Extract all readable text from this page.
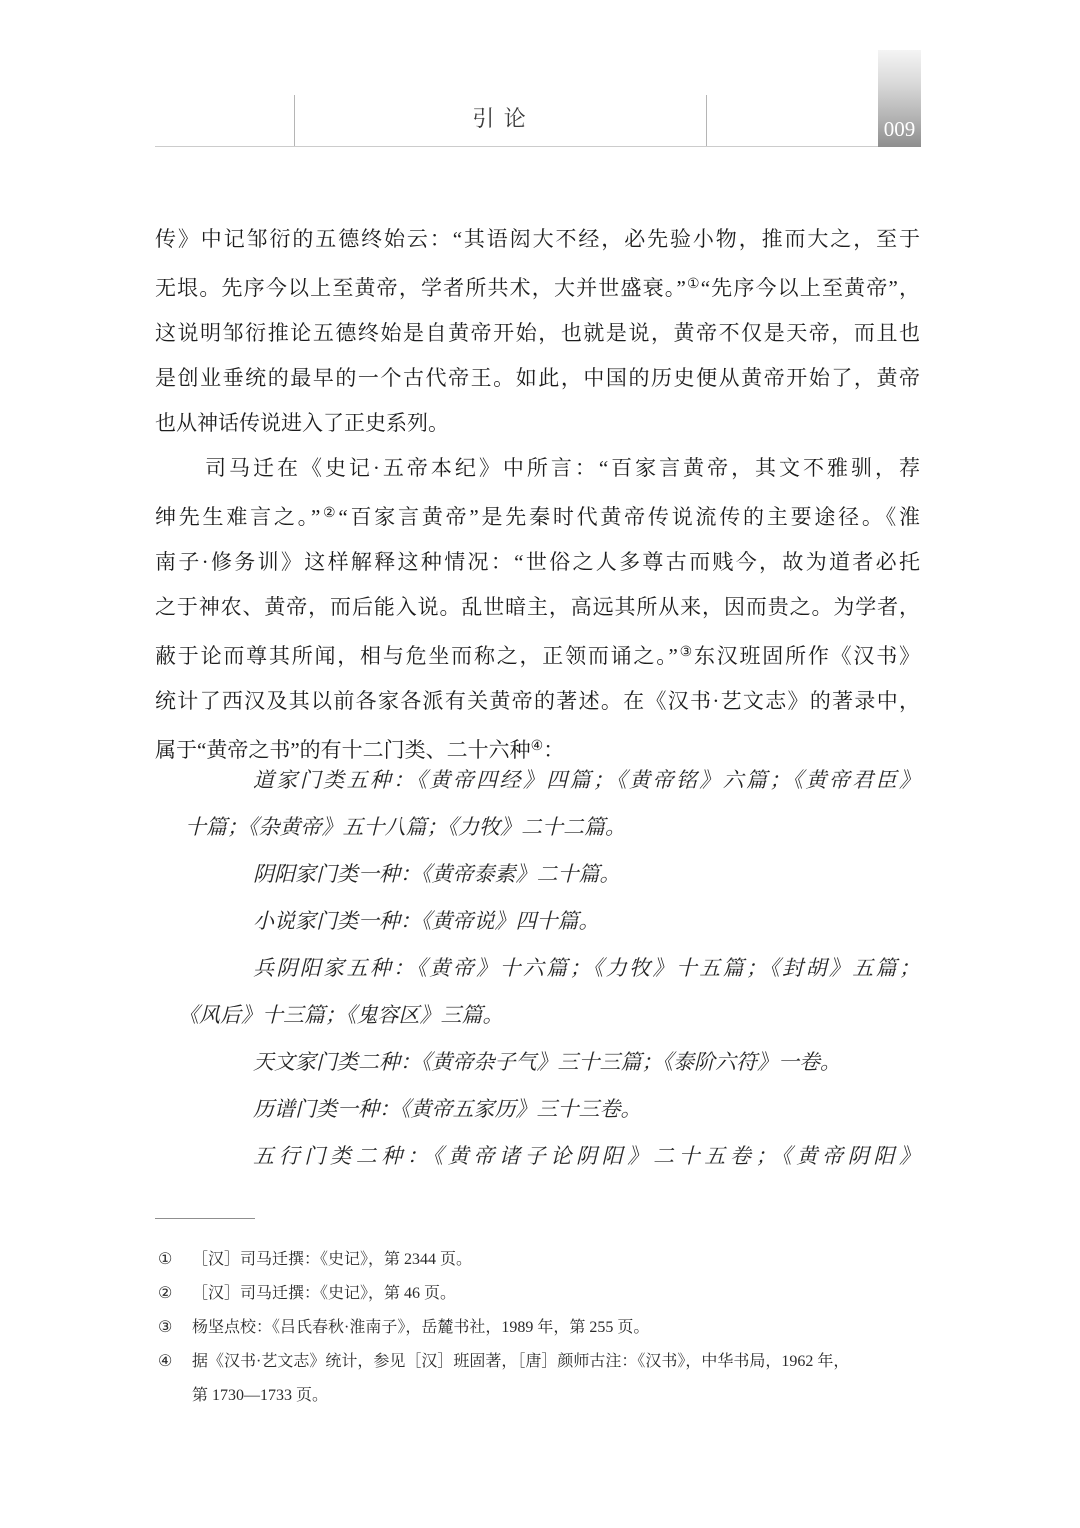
引 论	009
传》中记邹衍的五德终始云：“其语闳大不经，必先验小物，推而大之，至于
无垠。先序今以上至黄帝，学者所共术，大并世盛衰。”①“先序今以上至黄帝”，
这说明邹衍推论五德终始是自黄帝开始，也就是说，黄帝不仅是天帝，而且也
是创业垂统的最早的一个古代帝王。如此，中国的历史便从黄帝开始了，黄帝
也从神话传说进入了正史系列。
司马迁在《史记·五帝本纪》中所言：“百家言黄帝，其文不雅驯，荐
绅先生难言之。”②“百家言黄帝”是先秦时代黄帝传说流传的主要途径。《淮
南子·修务训》这样解释这种情况：“世俗之人多尊古而贱今，故为道者必托
之于神农、黄帝，而后能入说。乱世暗主，高远其所从来，因而贵之。为学者，
蔽于论而尊其所闻，相与危坐而称之，正领而诵之。”③东汉班固所作《汉书》
统计了西汉及其以前各家各派有关黄帝的著述。在《汉书·艺文志》的著录中，
属于“黄帝之书”的有十二门类、二十六种④：
道家门类五种：《黄帝四经》四篇；《黄帝铭》六篇；《黄帝君臣》
十篇；《杂黄帝》五十八篇；《力牧》二十二篇。
阴阳家门类一种：《黄帝泰素》二十篇。
小说家门类一种：《黄帝说》四十篇。
兵阴阳家五种：《黄帝》十六篇；《力牧》十五篇；《封胡》五篇；
《风后》十三篇；《鬼容区》三篇。
天文家门类二种：《黄帝杂子气》三十三篇；《泰阶六符》一卷。
历谱门类一种：《黄帝五家历》三十三卷。
五行门类二种：《黄帝诸子论阴阳》二十五卷；《黄帝阴阳》
①	［汉］司马迁撰：《史记》，第 2344 页。
②	［汉］司马迁撰：《史记》，第 46 页。
③	杨坚点校：《吕氏春秋·淮南子》，岳麓书社，1989 年，第 255 页。
④	据《汉书·艺文志》统计，参见［汉］班固著，［唐］颜师古注：《汉书》，中华书局，1962 年，
第 1730—1733 页。
